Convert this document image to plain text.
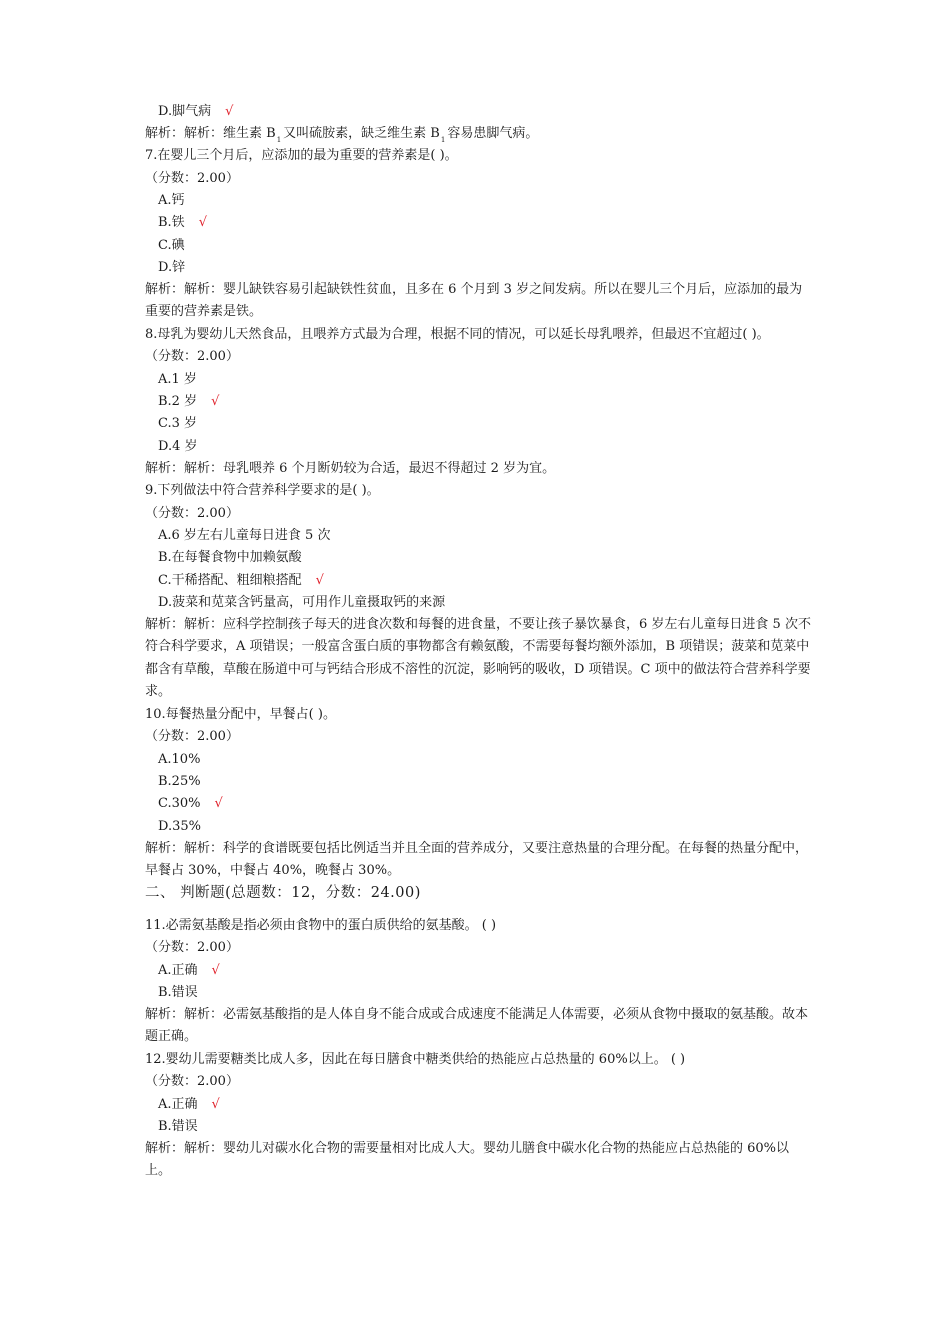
D.脚气病 √
解析：解析：维生素 $B_1$ 又叫硫胺素，缺乏维生素 $B_1$ 容易患脚气病。
7.在婴儿三个月后，应添加的最为重要的营养素是( )。
（分数：2.00）
A.钙
B.铁 √
C.碘
D.锌
解析：解析：婴儿缺铁容易引起缺铁性贫血，且多在 6 个月到 3 岁之间发病。所以在婴儿三个月后，应添加的最为重要的营养素是铁。
8.母乳为婴幼儿天然食品，且喂养方式最为合理，根据不同的情况，可以延长母乳喂养，但最迟不宜超过( )。
（分数：2.00）
A.1 岁
B.2 岁 √
C.3 岁
D.4 岁
解析：解析：母乳喂养 6 个月断奶较为合适，最迟不得超过 2 岁为宜。
9.下列做法中符合营养科学要求的是( )。
（分数：2.00）
A.6 岁左右儿童每日进食 5 次
B.在每餐食物中加赖氨酸
C.干稀搭配、粗细粮搭配 √
D.菠菜和苋菜含钙量高，可用作儿童摄取钙的来源
解析：解析：应科学控制孩子每天的进食次数和每餐的进食量，不要让孩子暴饮暴食，6 岁左右儿童每日进食 5 次不符合科学要求，A 项错误；一般富含蛋白质的事物都含有赖氨酸，不需要每餐均额外添加，B 项错误；菠菜和苋菜中都含有草酸，草酸在肠道中可与钙结合形成不溶性的沉淀，影响钙的吸收，D 项错误。C 项中的做法符合营养科学要求。
10.每餐热量分配中，早餐占( )。
（分数：2.00）
A.10%
B.25%
C.30% √
D.35%
解析：解析：科学的食谱既要包括比例适当并且全面的营养成分，又要注意热量的合理分配。在每餐的热量分配中，早餐占 30%，中餐占 40%，晚餐占 30%。
二、 判断题(总题数：12，分数：24.00)
11.必需氨基酸是指必须由食物中的蛋白质供给的氨基酸。 ( )
（分数：2.00）
A.正确 √
B.错误
解析：解析：必需氨基酸指的是人体自身不能合成或合成速度不能满足人体需要，必须从食物中摄取的氨基酸。故本题正确。
12.婴幼儿需要糖类比成人多，因此在每日膳食中糖类供给的热能应占总热量的 60%以上。 ( )
（分数：2.00）
A.正确 √
B.错误
解析：解析：婴幼儿对碳水化合物的需要量相对比成人大。婴幼儿膳食中碳水化合物的热能应占总热能的 60%以上。
